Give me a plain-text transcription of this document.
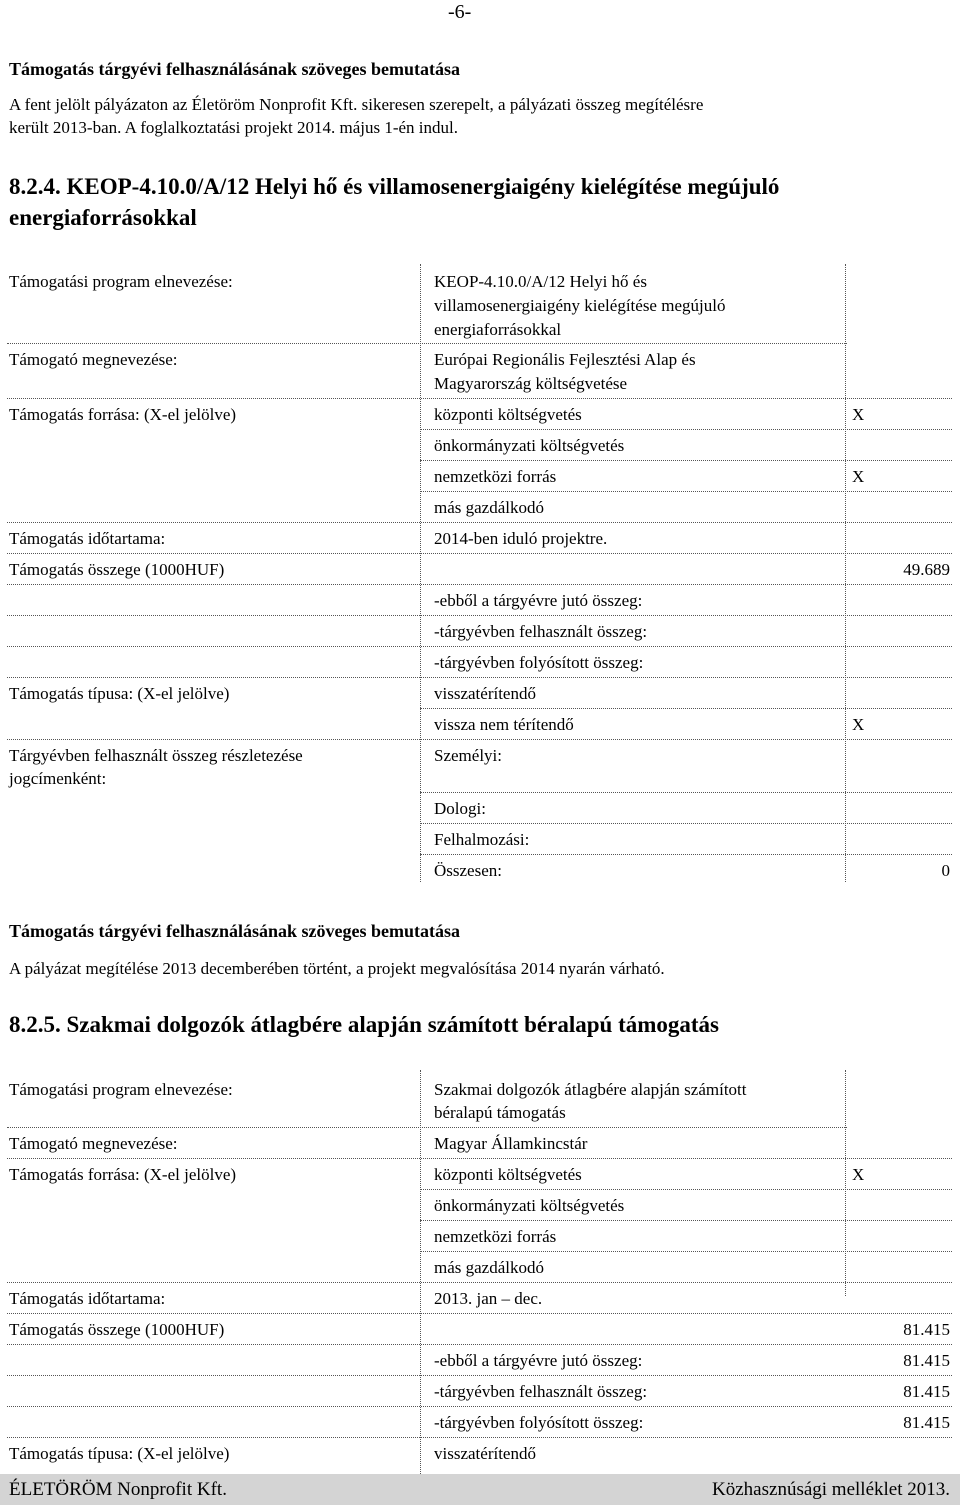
-6-
Támogatás tárgyévi felhasználásának szöveges bemutatása
A fent jelölt pályázaton az Életöröm Nonprofit Kft. sikeresen szerepelt, a pályázati összeg megítélésre
került 2013-ban. A foglalkoztatási projekt 2014. május 1-én indul.
8.2.4. KEOP-4.10.0/A/12 Helyi hő és villamosenergiaigény kielégítése megújuló
energiaforrásokkal
Támogatási program elnevezése:	KEOP-4.10.0/A/12 Helyi hő és
villamosenergiaigény kielégítése megújuló
energiaforrásokkal
Támogató megnevezése:	Európai Regionális Fejlesztési Alap és
Magyarország költségvetése
Támogatás forrása: (X-el jelölve)	központi költségvetés	X
önkormányzati költségvetés
nemzetközi forrás	X
más gazdálkodó
Támogatás időtartama:	2014-ben iduló projektre.
Támogatás összege (1000HUF)	49.689
-ebből a tárgyévre jutó összeg:
-tárgyévben felhasznált összeg:
-tárgyévben folyósított összeg:
Támogatás típusa: (X-el jelölve)	visszatérítendő
vissza nem térítendő	X
Tárgyévben felhasznált összeg részletezése
jogcímenként:
Személyi:
Dologi:
Felhalmozási:
Összesen:	0
Támogatás tárgyévi felhasználásának szöveges bemutatása
A pályázat megítélése 2013 decemberében történt, a projekt megvalósítása 2014 nyarán várható.
8.2.5. Szakmai dolgozók átlagbére alapján számított béralapú támogatás
Támogatási program elnevezése:	Szakmai dolgozók átlagbére alapján számított
béralapú támogatás
Támogató megnevezése:	Magyar Államkincstár
Támogatás forrása: (X-el jelölve)	központi költségvetés	X
önkormányzati költségvetés
nemzetközi forrás
más gazdálkodó
Támogatás időtartama:	2013. jan – dec.
Támogatás összege (1000HUF)	81.415
-ebből a tárgyévre jutó összeg:	81.415
-tárgyévben felhasznált összeg:	81.415
-tárgyévben folyósított összeg:	81.415
Támogatás típusa: (X-el jelölve)	visszatérítendő
ÉLETÖRÖM Nonprofit Kft.	Közhasznúsági melléklet 2013.
